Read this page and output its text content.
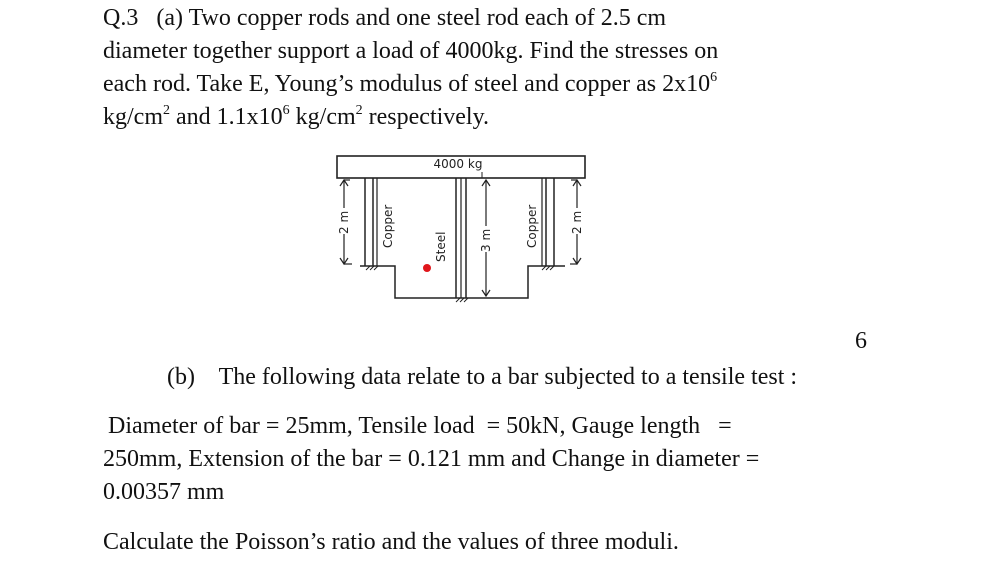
Q.3 (a) Two copper rods and one steel rod each of 2.5 cm
diameter together support a load of 4000kg. Find the stresses on
each rod. Take E, Young’s modulus of steel and copper as $2x10^6$
$kg/cm^2$ and $1.1x10^6$ $kg/cm^2$ respectively.
4000 kg
Copper	Steel	Copper
2 m	2 m
3 m
6
(b) The following data relate to a bar subjected to a tensile test :
Diameter of bar = 25mm, Tensile load  = 50kN, Gauge length   =
250mm, Extension of the bar = 0.121 mm and Change in diameter =
0.00357 mm
Calculate the Poisson’s ratio and the values of three moduli.
